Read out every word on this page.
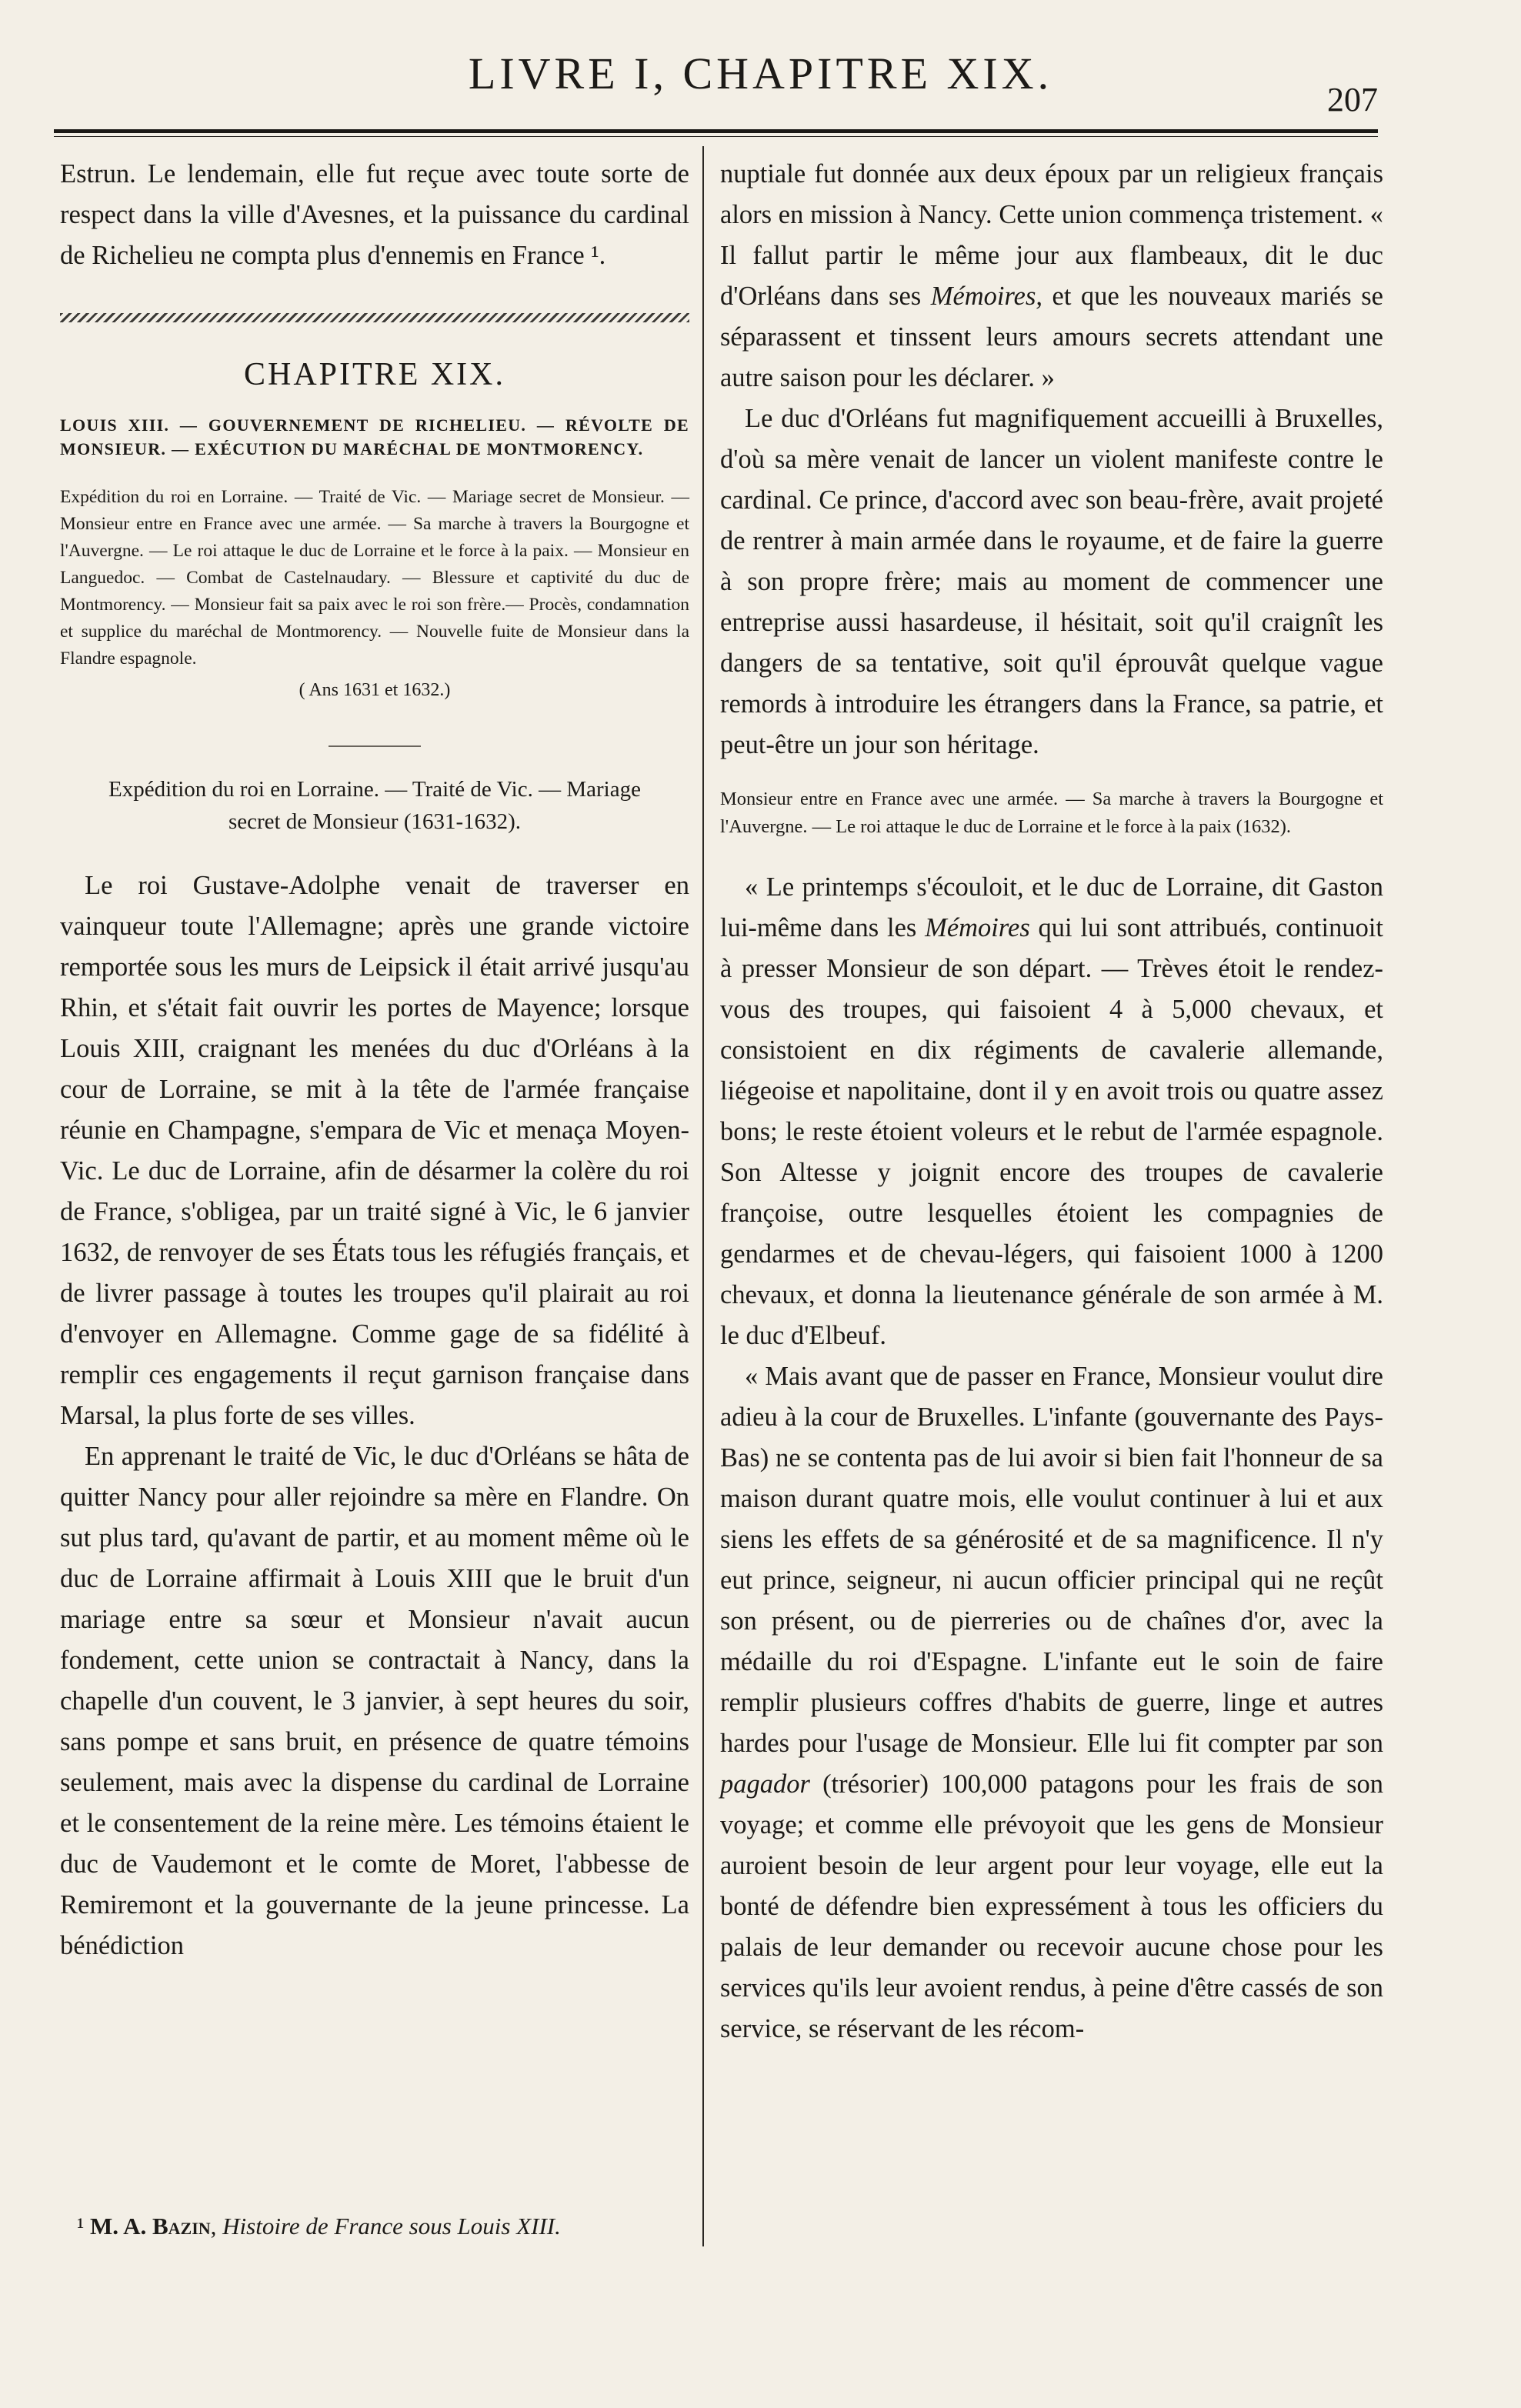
LIVRE I, CHAPITRE XIX.
207

Estrun. Le lendemain, elle fut reçue avec toute sorte de respect dans la ville d'Avesnes, et la puissance du cardinal de Richelieu ne compta plus d'ennemis en France ¹.

CHAPITRE XIX.

LOUIS XIII. — GOUVERNEMENT DE RICHELIEU. — RÉVOLTE DE MONSIEUR. — EXÉCUTION DU MARÉCHAL DE MONTMORENCY.

Expédition du roi en Lorraine. — Traité de Vic. — Mariage secret de Monsieur. — Monsieur entre en France avec une armée. — Sa marche à travers la Bourgogne et l'Auvergne. — Le roi attaque le duc de Lorraine et le force à la paix. — Monsieur en Languedoc. — Combat de Castelnaudary. — Blessure et captivité du duc de Montmorency. — Monsieur fait sa paix avec le roi son frère.— Procès, condamnation et supplice du maréchal de Montmorency. — Nouvelle fuite de Monsieur dans la Flandre espagnole.

( Ans 1631 et 1632.)
Expédition du roi en Lorraine. — Traité de Vic. — Mariage
secret de Monsieur (1631-1632).

Le roi Gustave-Adolphe venait de traverser en vainqueur toute l'Allemagne; après une grande victoire remportée sous les murs de Leipsick il était arrivé jusqu'au Rhin, et s'était fait ouvrir les portes de Mayence; lorsque Louis XIII, craignant les menées du duc d'Orléans à la cour de Lorraine, se mit à la tête de l'armée française réunie en Champagne, s'empara de Vic et menaça Moyen-Vic. Le duc de Lorraine, afin de désarmer la colère du roi de France, s'obligea, par un traité signé à Vic, le 6 janvier 1632, de renvoyer de ses États tous les réfugiés français, et de livrer passage à toutes les troupes qu'il plairait au roi d'envoyer en Allemagne. Comme gage de sa fidélité à remplir ces engagements il reçut garnison française dans Marsal, la plus forte de ses villes.

En apprenant le traité de Vic, le duc d'Orléans se hâta de quitter Nancy pour aller rejoindre sa mère en Flandre. On sut plus tard, qu'avant de partir, et au moment même où le duc de Lorraine affirmait à Louis XIII que le bruit d'un mariage entre sa sœur et Monsieur n'avait aucun fondement, cette union se contractait à Nancy, dans la chapelle d'un couvent, le 3 janvier, à sept heures du soir, sans pompe et sans bruit, en présence de quatre témoins seulement, mais avec la dispense du cardinal de Lorraine et le consentement de la reine mère. Les témoins étaient le duc de Vaudemont et le comte de Moret, l'abbesse de Remiremont et la gouvernante de la jeune princesse. La bénédiction

¹ M. A. Bazin, Histoire de France sous Louis XIII.

nuptiale fut donnée aux deux époux par un religieux français alors en mission à Nancy. Cette union commença tristement. « Il fallut partir le même jour aux flambeaux, dit le duc d'Orléans dans ses Mémoires, et que les nouveaux mariés se séparassent et tinssent leurs amours secrets attendant une autre saison pour les déclarer. »

Le duc d'Orléans fut magnifiquement accueilli à Bruxelles, d'où sa mère venait de lancer un violent manifeste contre le cardinal. Ce prince, d'accord avec son beau-frère, avait projeté de rentrer à main armée dans le royaume, et de faire la guerre à son propre frère; mais au moment de commencer une entreprise aussi hasardeuse, il hésitait, soit qu'il craignît les dangers de sa tentative, soit qu'il éprouvât quelque vague remords à introduire les étrangers dans la France, sa patrie, et peut-être un jour son héritage.

Monsieur entre en France avec une armée. — Sa marche à travers la Bourgogne et l'Auvergne. — Le roi attaque le duc de Lorraine et le force à la paix (1632).

« Le printemps s'écouloit, et le duc de Lorraine, dit Gaston lui-même dans les Mémoires qui lui sont attribués, continuoit à presser Monsieur de son départ. — Trèves étoit le rendez-vous des troupes, qui faisoient 4 à 5,000 chevaux, et consistoient en dix régiments de cavalerie allemande, liégeoise et napolitaine, dont il y en avoit trois ou quatre assez bons; le reste étoient voleurs et le rebut de l'armée espagnole. Son Altesse y joignit encore des troupes de cavalerie françoise, outre lesquelles étoient les compagnies de gendarmes et de chevau-légers, qui faisoient 1000 à 1200 chevaux, et donna la lieutenance générale de son armée à M. le duc d'Elbeuf.

« Mais avant que de passer en France, Monsieur voulut dire adieu à la cour de Bruxelles. L'infante (gouvernante des Pays-Bas) ne se contenta pas de lui avoir si bien fait l'honneur de sa maison durant quatre mois, elle voulut continuer à lui et aux siens les effets de sa générosité et de sa magnificence. Il n'y eut prince, seigneur, ni aucun officier principal qui ne reçût son présent, ou de pierreries ou de chaînes d'or, avec la médaille du roi d'Espagne. L'infante eut le soin de faire remplir plusieurs coffres d'habits de guerre, linge et autres hardes pour l'usage de Monsieur. Elle lui fit compter par son pagador (trésorier) 100,000 patagons pour les frais de son voyage; et comme elle prévoyoit que les gens de Monsieur auroient besoin de leur argent pour leur voyage, elle eut la bonté de défendre bien expressément à tous les officiers du palais de leur demander ou recevoir aucune chose pour les services qu'ils leur avoient rendus, à peine d'être cassés de son service, se réservant de les récom-
